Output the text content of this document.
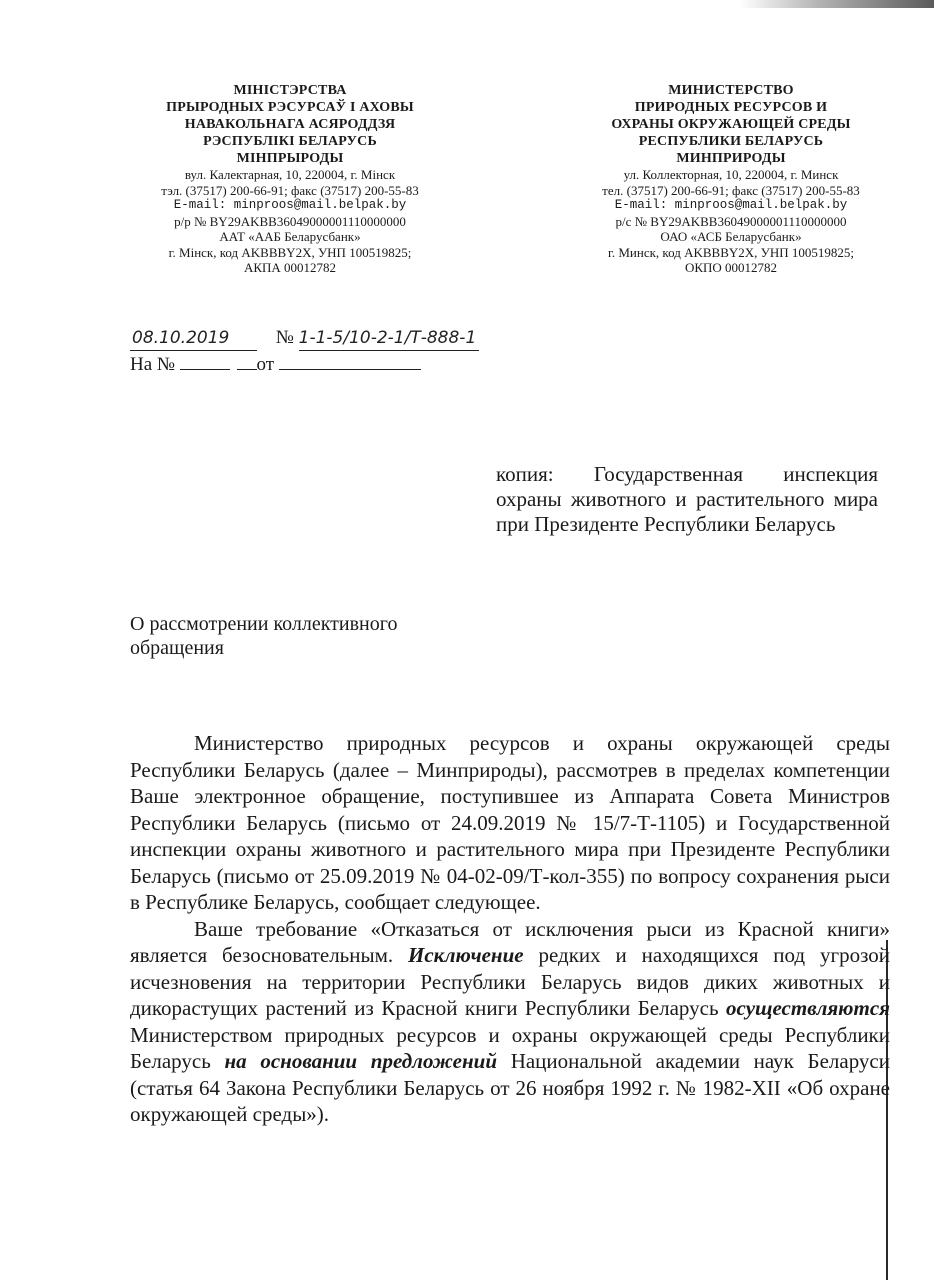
МІНІСТЭРСТВА
ПРЫРОДНЫХ РЭСУРСАЎ І АХОВЫ
НАВАКОЛЬНАГА АСЯРОДДЗЯ
РЭСПУБЛІКІ БЕЛАРУСЬ
МІНПРЫРОДЫ
вул. Калектарная, 10, 220004, г. Мінск
тэл. (37517) 200-66-91; факс (37517) 200-55-83
E-mail: minproos@mail.belpak.by
р/р № BY29AKBB36049000001110000000
ААТ «ААБ Беларусбанк»
г. Мінск, код AKBBBY2X, УНП 100519825;
АКПА 00012782
МИНИСТЕРСТВО
ПРИРОДНЫХ РЕСУРСОВ И
ОХРАНЫ ОКРУЖАЮЩЕЙ СРЕДЫ
РЕСПУБЛИКИ БЕЛАРУСЬ
МИНПРИРОДЫ
ул. Коллекторная, 10, 220004, г. Минск
тел. (37517) 200-66-91; факс (37517) 200-55-83
E-mail: minproos@mail.belpak.by
р/с № BY29AKBB36049000001110000000
ОАО «АСБ Беларусбанк»
г. Минск, код AKBBBY2X, УНП 100519825;
ОКПО 00012782
08.10.2019 № 1-1-5/10-2-1/Т-888-1
На №	от
копия: Государственная инспекция охраны животного и растительного мира при Президенте Республики Беларусь
О рассмотрении коллективного обращения

Министерство природных ресурсов и охраны окружающей среды Республики Беларусь (далее – Минприроды), рассмотрев в пределах компетенции Ваше электронное обращение, поступившее из Аппарата Совета Министров Республики Беларусь (письмо от 24.09.2019 № 15/7-Т-1105) и Государственной инспекции охраны животного и растительного мира при Президенте Республики Беларусь (письмо от 25.09.2019 № 04-02-09/Т-кол-355) по вопросу сохранения рыси в Республике Беларусь, сообщает следующее.

Ваше требование «Отказаться от исключения рыси из Красной книги» является безосновательным. Исключение редких и находящихся под угрозой исчезновения на территории Республики Беларусь видов диких животных и дикорастущих растений из Красной книги Республики Беларусь осуществляются Министерством природных ресурсов и охраны окружающей среды Республики Беларусь на основании предложений Национальной академии наук Беларуси (статья 64 Закона Республики Беларусь от 26 ноября 1992 г. № 1982-XII «Об охране окружающей среды»).
